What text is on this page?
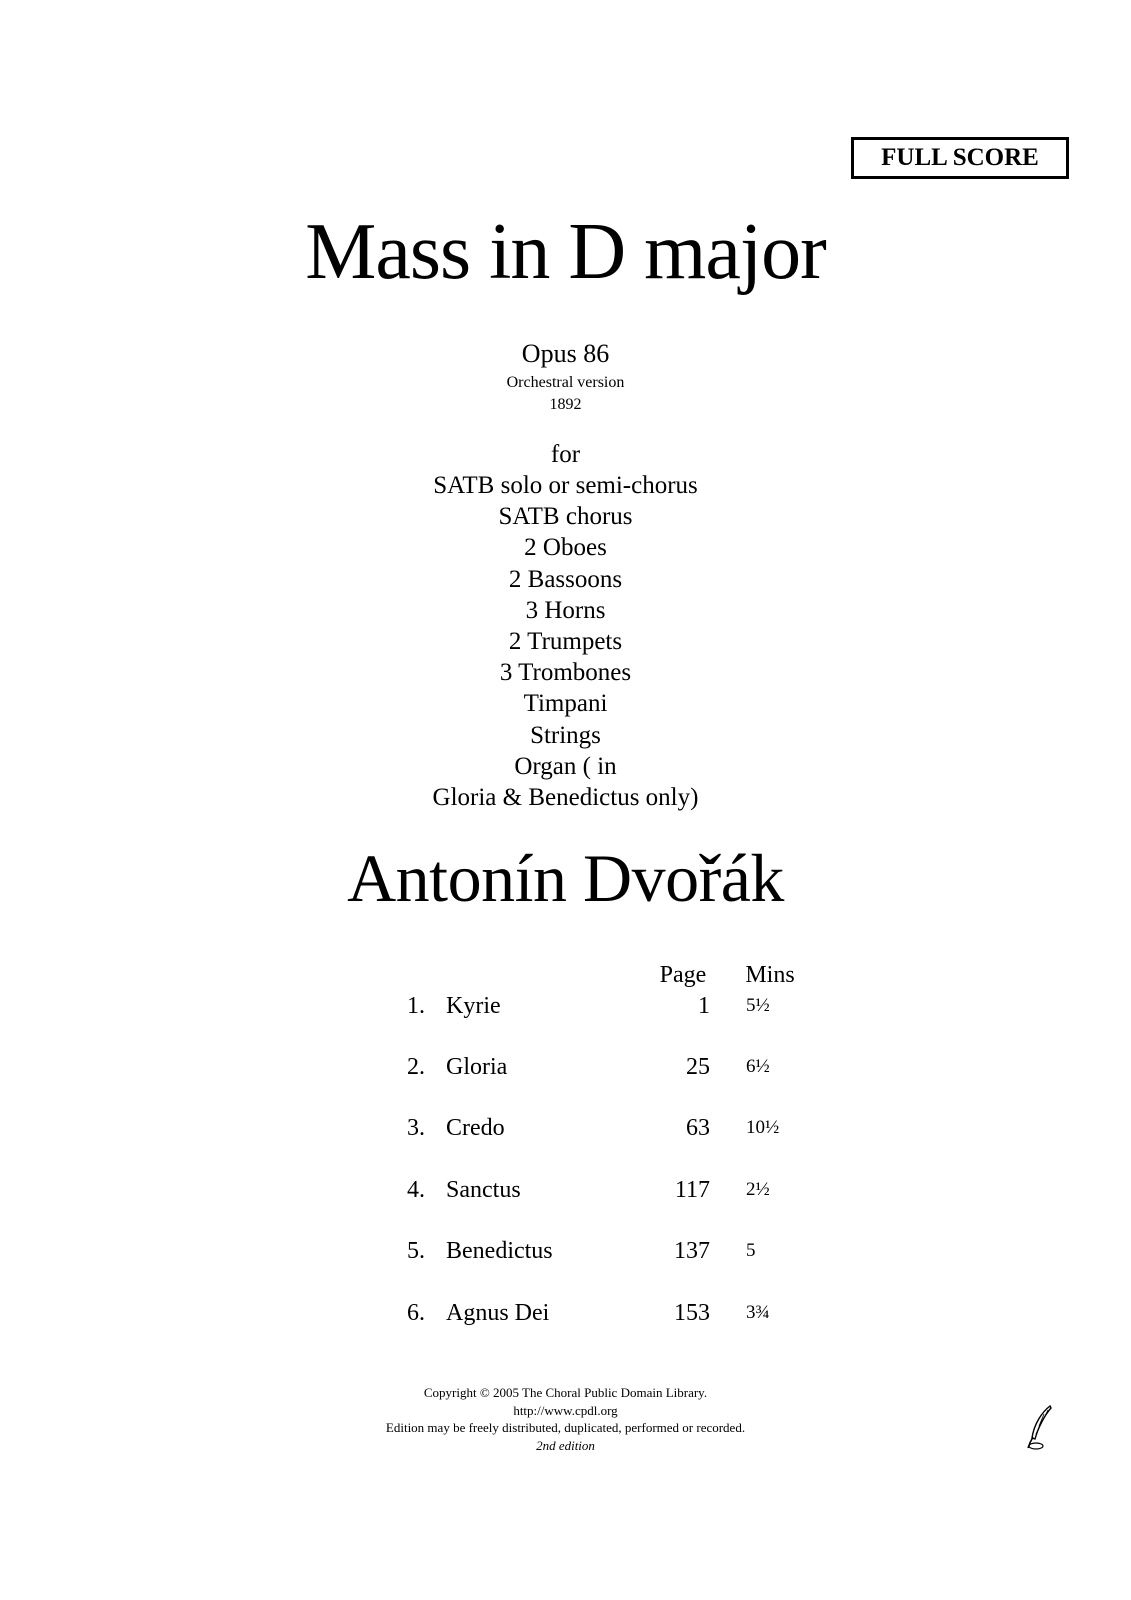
FULL SCORE
Mass in D major
Opus 86
Orchestral version
1892
for
SATB solo or semi-chorus
SATB chorus
2 Oboes
2 Bassoons
3 Horns
2 Trumpets
3 Trombones
Timpani
Strings
Organ ( in
Gloria & Benedictus only)
Antonín Dvořák
Page	Mins
1. Kyrie	1 5½
2. Gloria	25 6½
3. Credo	63 10½
4. Sanctus	117 2½
5. Benedictus	137 5
6. Agnus Dei	153 3¾
Copyright © 2005 The Choral Public Domain Library.
http://www.cpdl.org
Edition may be freely distributed, duplicated, performed or recorded.
2nd edition
